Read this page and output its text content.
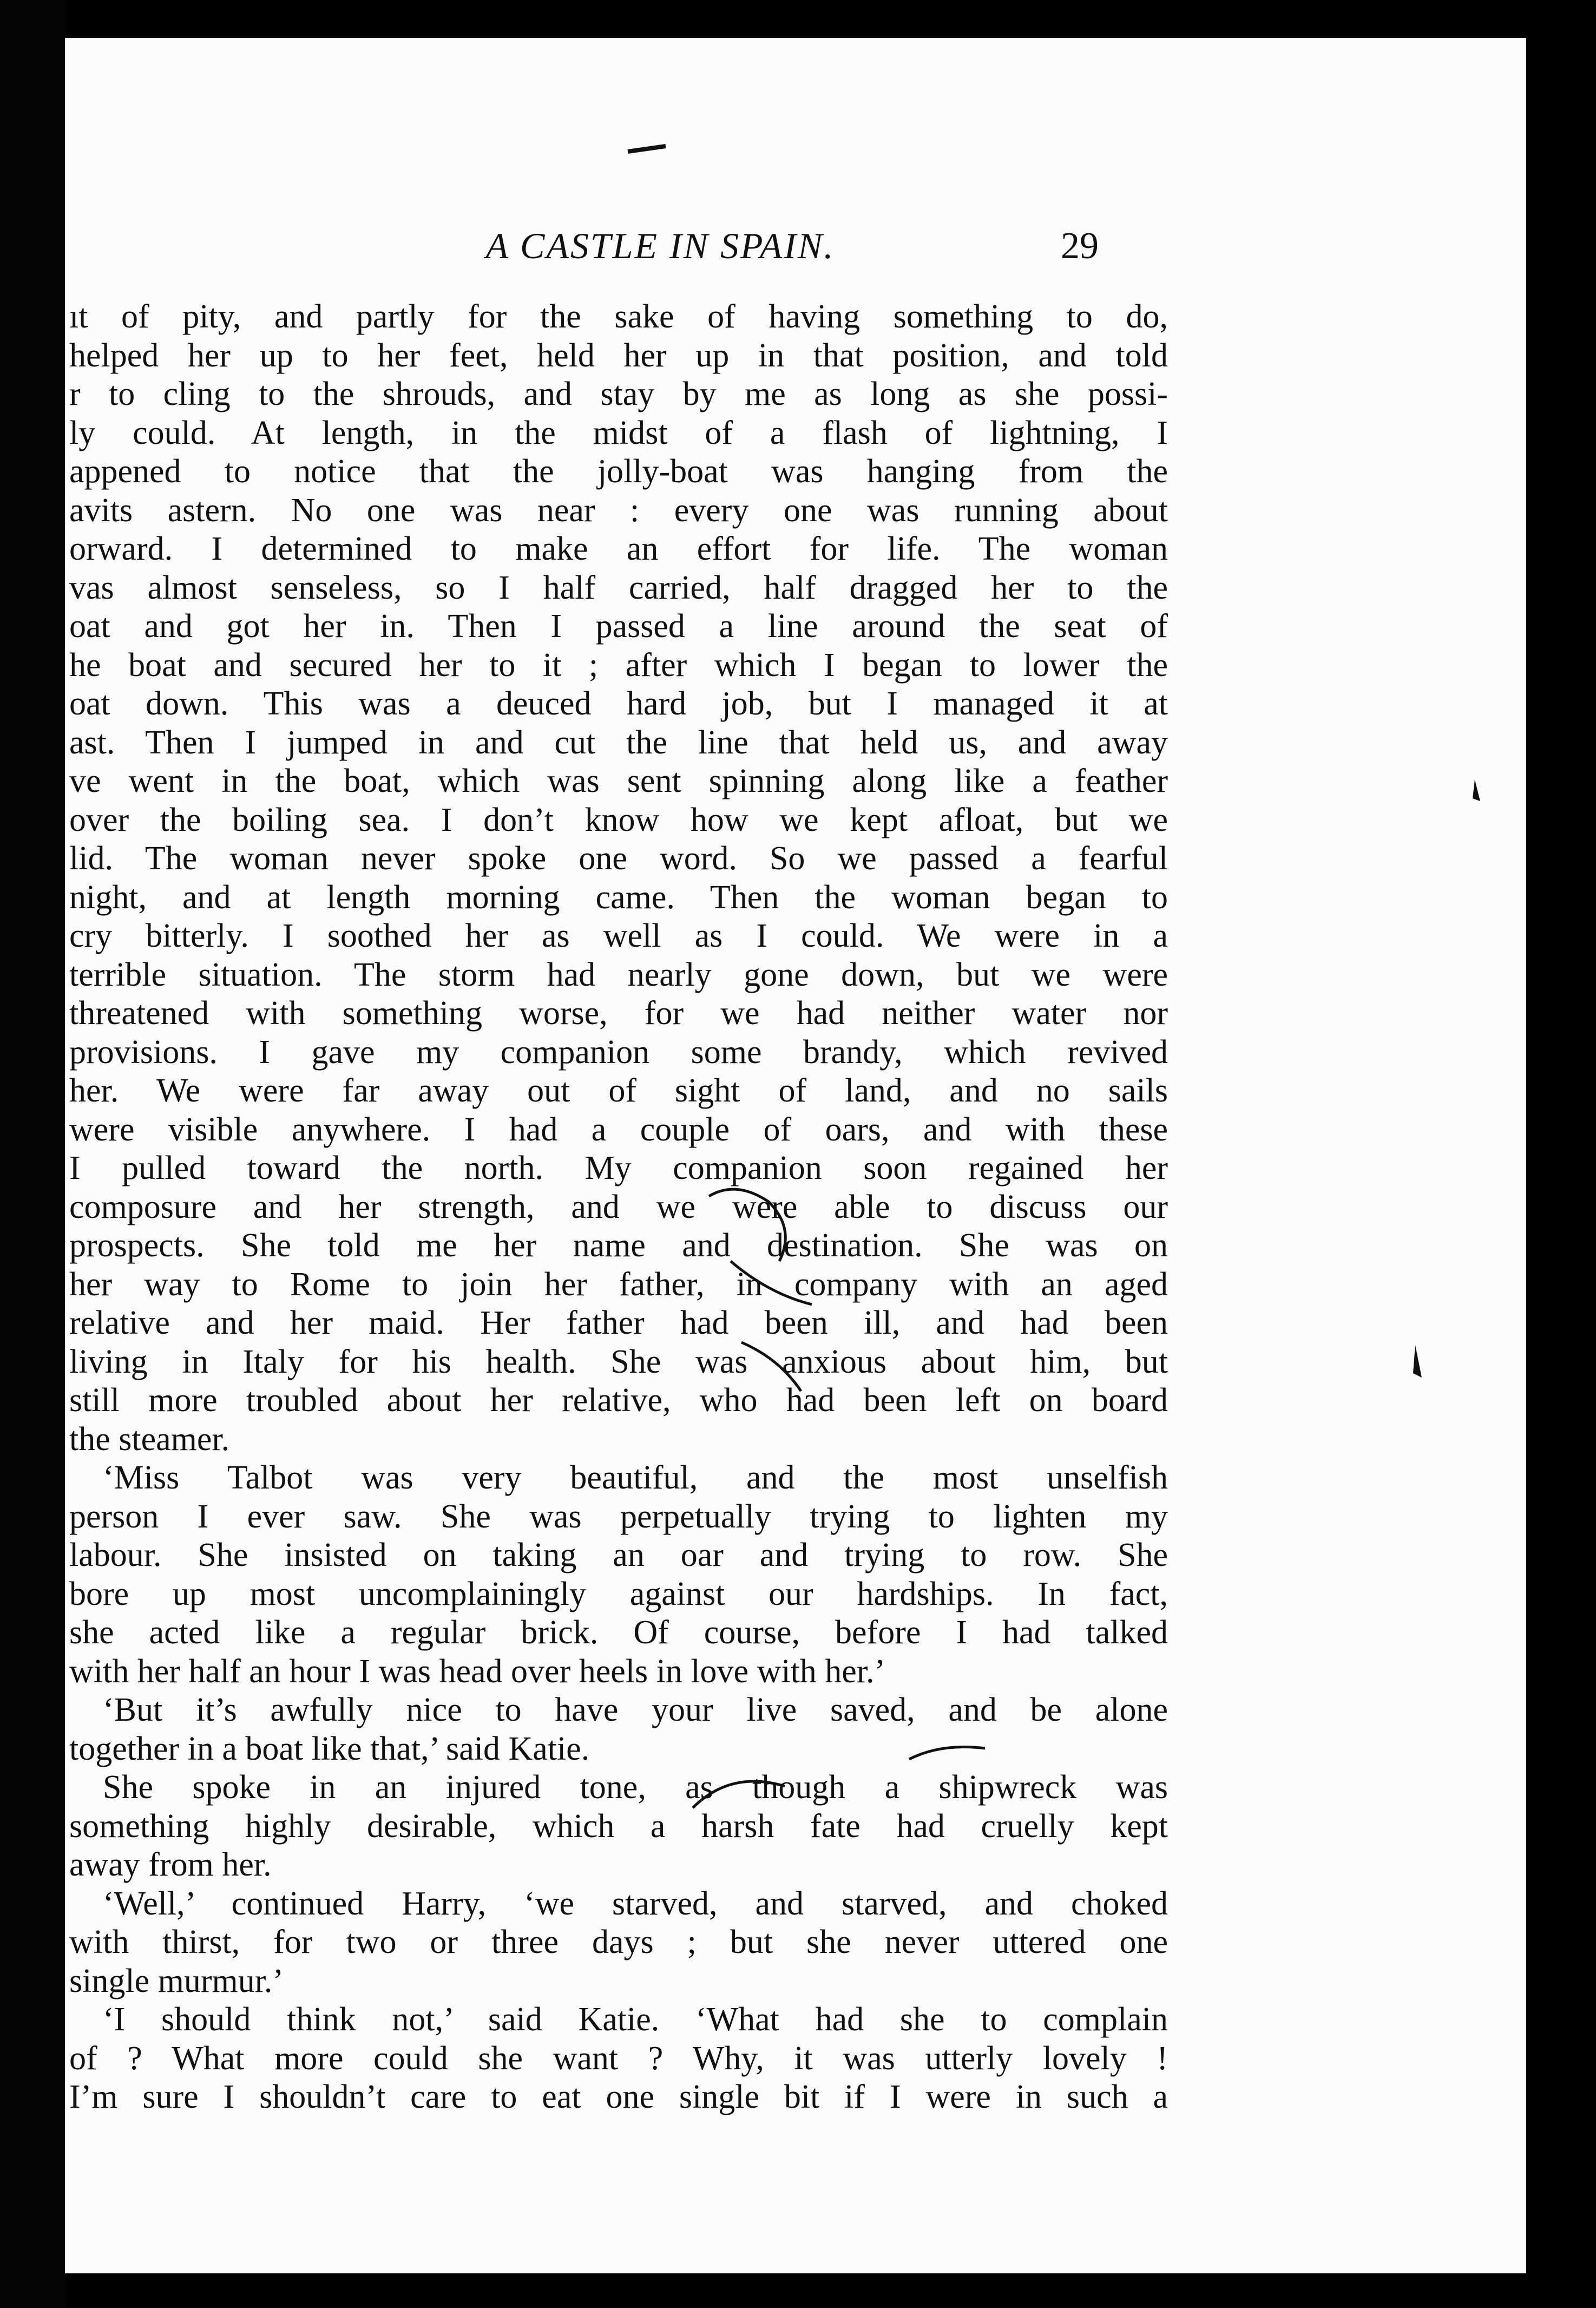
A CASTLE IN SPAIN.	29
ıt of pity, and partly for the sake of having something to do,
helped her up to her feet, held her up in that position, and told
r to cling to the shrouds, and stay by me as long as she possi-
ly could. At length, in the midst of a flash of lightning, I
appened to notice that the jolly-boat was hanging from the
avits astern. No one was near : every one was running about
orward. I determined to make an effort for life. The woman
vas almost senseless, so I half carried, half dragged her to the
oat and got her in. Then I passed a line around the seat of
he boat and secured her to it ; after which I began to lower the
oat down. This was a deuced hard job, but I managed it at
ast. Then I jumped in and cut the line that held us, and away
ve went in the boat, which was sent spinning along like a feather
over the boiling sea. I don’t know how we kept afloat, but we
lid. The woman never spoke one word. So we passed a fearful
night, and at length morning came. Then the woman began to
cry bitterly. I soothed her as well as I could. We were in a
terrible situation. The storm had nearly gone down, but we were
threatened with something worse, for we had neither water nor
provisions. I gave my companion some brandy, which revived
her. We were far away out of sight of land, and no sails
were visible anywhere. I had a couple of oars, and with these
I pulled toward the north. My companion soon regained her
composure and her strength, and we were able to discuss our
prospects. She told me her name and destination. She was on
her way to Rome to join her father, in company with an aged
relative and her maid. Her father had been ill, and had been
living in Italy for his health. She was anxious about him, but
still more troubled about her relative, who had been left on board
the steamer.
‘Miss Talbot was very beautiful, and the most unselfish
person I ever saw. She was perpetually trying to lighten my
labour. She insisted on taking an oar and trying to row. She
bore up most uncomplainingly against our hardships. In fact,
she acted like a regular brick. Of course, before I had talked
with her half an hour I was head over heels in love with her.’
‘But it’s awfully nice to have your live saved, and be alone
together in a boat like that,’ said Katie.
She spoke in an injured tone, as though a shipwreck was
something highly desirable, which a harsh fate had cruelly kept
away from her.
‘Well,’ continued Harry, ‘we starved, and starved, and choked
with thirst, for two or three days ; but she never uttered one
single murmur.’
‘I should think not,’ said Katie. ‘What had she to complain
of ? What more could she want ? Why, it was utterly lovely !
I’m sure I shouldn’t care to eat one single bit if I were in such a
